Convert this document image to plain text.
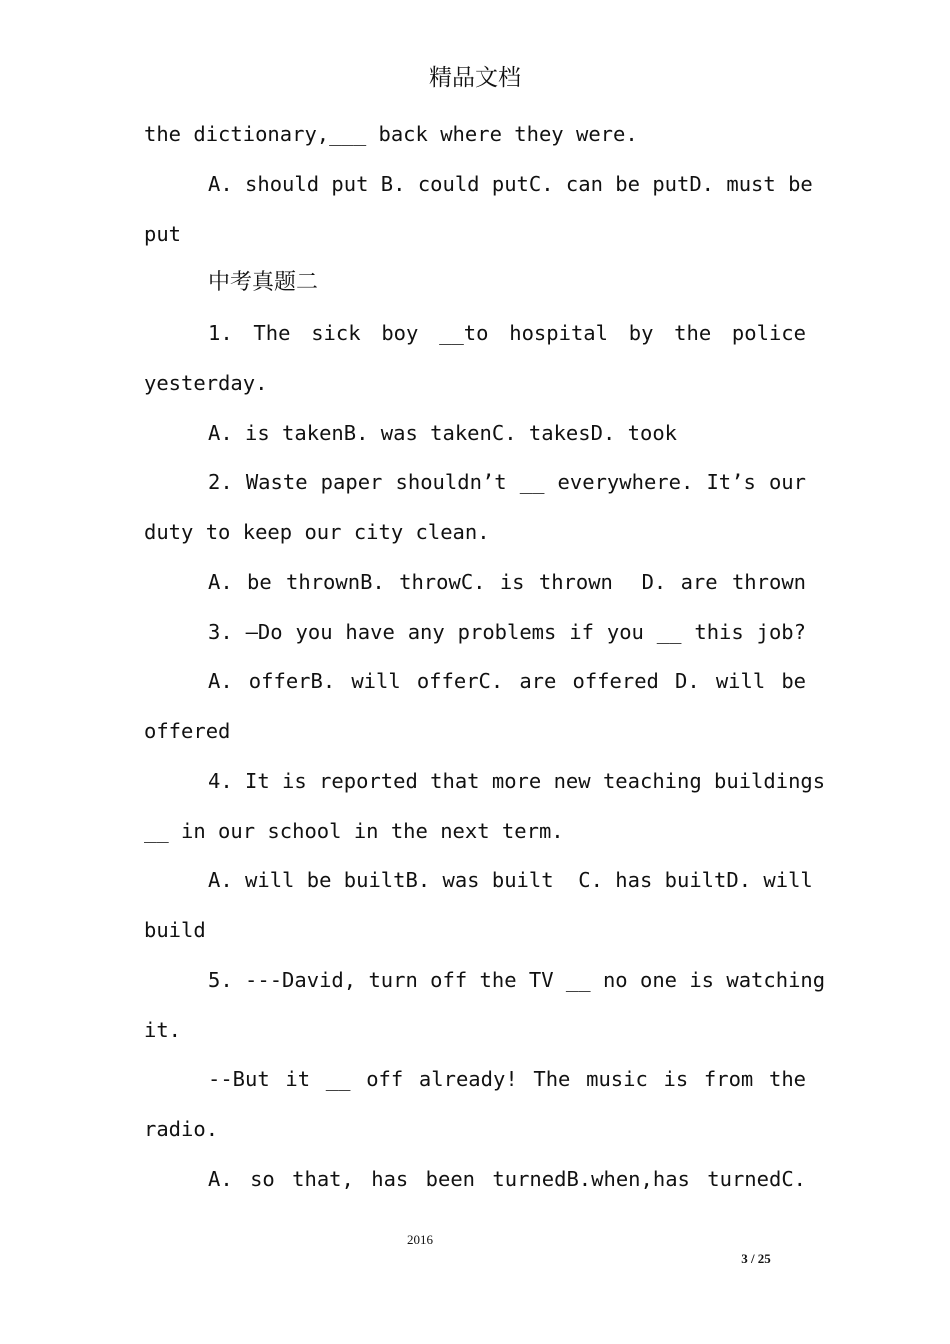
精品文档
the dictionary,___ back where they were.
A. should put B. could putC. can be putD. must be
put
中考真题二
1. The sick boy __to hospital by the police
yesterday.
A. is takenB. was takenC. takesD. took
2. Waste paper shouldn’t __ everywhere. It’s our
duty to keep our city clean.
A. be thrownB. throwC. is thrown  D. are thrown
3. –Do you have any problems if you __ this job?
A. offerB. will offerC. are offered D. will be
offered
4. It is reported that more new teaching buildings
__ in our school in the next term.
A. will be builtB. was built  C. has builtD. will
build
5. ---David, turn off the TV __ no one is watching
it.
--But it __ off already! The music is from the
radio.
A. so that, has been turnedB.when,has turnedC.
2016
3 / 25
